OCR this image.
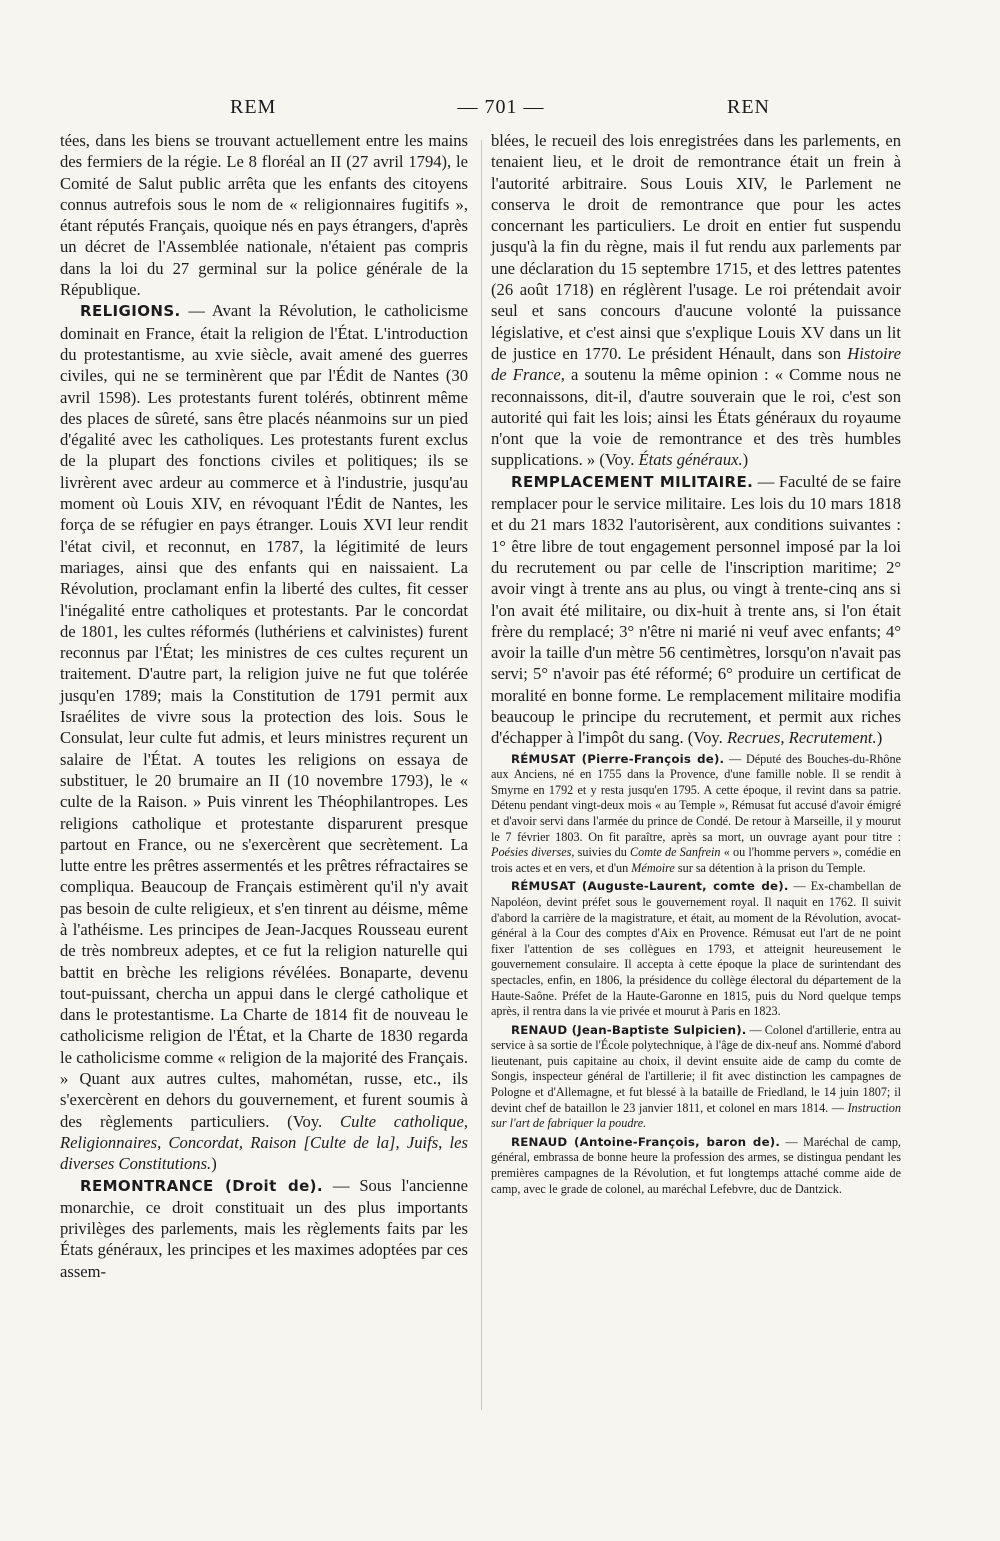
REM	— 701 —	REN

tées, dans les biens se trouvant actuellement entre les mains des fermiers de la régie. Le 8 floréal an II (27 avril 1794), le Comité de Salut public arrêta que les enfants des citoyens connus autrefois sous le nom de « religionnaires fugitifs », étant réputés Français, quoique nés en pays étrangers, d'après un décret de l'Assemblée nationale, n'étaient pas compris dans la loi du 27 germinal sur la police générale de la République.

RELIGIONS. — Avant la Révolution, le catholicisme dominait en France, était la religion de l'État. L'introduction du protestantisme, au xvie siècle, avait amené des guerres civiles, qui ne se terminèrent que par l'Édit de Nantes (30 avril 1598). Les protestants furent tolérés, obtinrent même des places de sûreté, sans être placés néanmoins sur un pied d'égalité avec les catholiques. Les protestants furent exclus de la plupart des fonctions civiles et politiques; ils se livrèrent avec ardeur au commerce et à l'industrie, jusqu'au moment où Louis XIV, en révoquant l'Édit de Nantes, les força de se réfugier en pays étranger. Louis XVI leur rendit l'état civil, et reconnut, en 1787, la légitimité de leurs mariages, ainsi que des enfants qui en naissaient. La Révolution, proclamant enfin la liberté des cultes, fit cesser l'inégalité entre catholiques et protestants. Par le concordat de 1801, les cultes réformés (luthériens et calvinistes) furent reconnus par l'État; les ministres de ces cultes reçurent un traitement. D'autre part, la religion juive ne fut que tolérée jusqu'en 1789; mais la Constitution de 1791 permit aux Israélites de vivre sous la protection des lois. Sous le Consulat, leur culte fut admis, et leurs ministres reçurent un salaire de l'État. A toutes les religions on essaya de substituer, le 20 brumaire an II (10 novembre 1793), le « culte de la Raison. » Puis vinrent les Théophilantropes. Les religions catholique et protestante disparurent presque partout en France, ou ne s'exercèrent que secrètement. La lutte entre les prêtres assermentés et les prêtres réfractaires se compliqua. Beaucoup de Français estimèrent qu'il n'y avait pas besoin de culte religieux, et s'en tinrent au déisme, même à l'athéisme. Les principes de Jean-Jacques Rousseau eurent de très nombreux adeptes, et ce fut la religion naturelle qui battit en brèche les religions révélées. Bonaparte, devenu tout-puissant, chercha un appui dans le clergé catholique et dans le protestantisme. La Charte de 1814 fit de nouveau le catholicisme religion de l'État, et la Charte de 1830 regarda le catholicisme comme « religion de la majorité des Français. » Quant aux autres cultes, mahométan, russe, etc., ils s'exercèrent en dehors du gouvernement, et furent soumis à des règlements particuliers. (Voy. Culte catholique, Religionnaires, Concordat, Raison [Culte de la], Juifs, les diverses Constitutions.)

REMONTRANCE (Droit de). — Sous l'ancienne monarchie, ce droit constituait un des plus importants privilèges des parlements, mais les règlements faits par les États généraux, les principes et les maximes adoptées par ces assem-

blées, le recueil des lois enregistrées dans les parlements, en tenaient lieu, et le droit de remontrance était un frein à l'autorité arbitraire. Sous Louis XIV, le Parlement ne conserva le droit de remontrance que pour les actes concernant les particuliers. Le droit en entier fut suspendu jusqu'à la fin du règne, mais il fut rendu aux parlements par une déclaration du 15 septembre 1715, et des lettres patentes (26 août 1718) en réglèrent l'usage. Le roi prétendait avoir seul et sans concours d'aucune volonté la puissance législative, et c'est ainsi que s'explique Louis XV dans un lit de justice en 1770. Le président Hénault, dans son Histoire de France, a soutenu la même opinion : « Comme nous ne reconnaissons, dit-il, d'autre souverain que le roi, c'est son autorité qui fait les lois; ainsi les États généraux du royaume n'ont que la voie de remontrance et des très humbles supplications. » (Voy. États généraux.)

REMPLACEMENT MILITAIRE. — Faculté de se faire remplacer pour le service militaire. Les lois du 10 mars 1818 et du 21 mars 1832 l'autorisèrent, aux conditions suivantes : 1° être libre de tout engagement personnel imposé par la loi du recrutement ou par celle de l'inscription maritime; 2° avoir vingt à trente ans au plus, ou vingt à trente-cinq ans si l'on avait été militaire, ou dix-huit à trente ans, si l'on était frère du remplacé; 3° n'être ni marié ni veuf avec enfants; 4° avoir la taille d'un mètre 56 centimètres, lorsqu'on n'avait pas servi; 5° n'avoir pas été réformé; 6° produire un certificat de moralité en bonne forme. Le remplacement militaire modifia beaucoup le principe du recrutement, et permit aux riches d'échapper à l'impôt du sang. (Voy. Recrues, Recrutement.)

RÉMUSAT (Pierre-François de). — Député des Bouches-du-Rhône aux Anciens, né en 1755 dans la Provence, d'une famille noble. Il se rendit à Smyrne en 1792 et y resta jusqu'en 1795. A cette époque, il revint dans sa patrie. Détenu pendant vingt-deux mois « au Temple », Rémusat fut accusé d'avoir émigré et d'avoir servi dans l'armée du prince de Condé. De retour à Marseille, il y mourut le 7 février 1803. On fit paraître, après sa mort, un ouvrage ayant pour titre : Poésies diverses, suivies du Comte de Sanfrein « ou l'homme pervers », comédie en trois actes et en vers, et d'un Mémoire sur sa détention à la prison du Temple.

RÉMUSAT (Auguste-Laurent, comte de). — Ex-chambellan de Napoléon, devint préfet sous le gouvernement royal. Il naquit en 1762. Il suivit d'abord la carrière de la magistrature, et était, au moment de la Révolution, avocat-général à la Cour des comptes d'Aix en Provence. Rémusat eut l'art de ne point fixer l'attention de ses collègues en 1793, et atteignit heureusement le gouvernement consulaire. Il accepta à cette époque la place de surintendant des spectacles, enfin, en 1806, la présidence du collège électoral du département de la Haute-Saône. Préfet de la Haute-Garonne en 1815, puis du Nord quelque temps après, il rentra dans la vie privée et mourut à Paris en 1823.

RENAUD (Jean-Baptiste Sulpicien). — Colonel d'artillerie, entra au service à sa sortie de l'École polytechnique, à l'âge de dix-neuf ans. Nommé d'abord lieutenant, puis capitaine au choix, il devint ensuite aide de camp du comte de Songis, inspecteur général de l'artillerie; il fit avec distinction les campagnes de Pologne et d'Allemagne, et fut blessé à la bataille de Friedland, le 14 juin 1807; il devint chef de bataillon le 23 janvier 1811, et colonel en mars 1814. — Instruction sur l'art de fabriquer la poudre.

RENAUD (Antoine-François, baron de). — Maréchal de camp, général, embrassa de bonne heure la profession des armes, se distingua pendant les premières campagnes de la Révolution, et fut longtemps attaché comme aide de camp, avec le grade de colonel, au maréchal Lefebvre, duc de Dantzick.
